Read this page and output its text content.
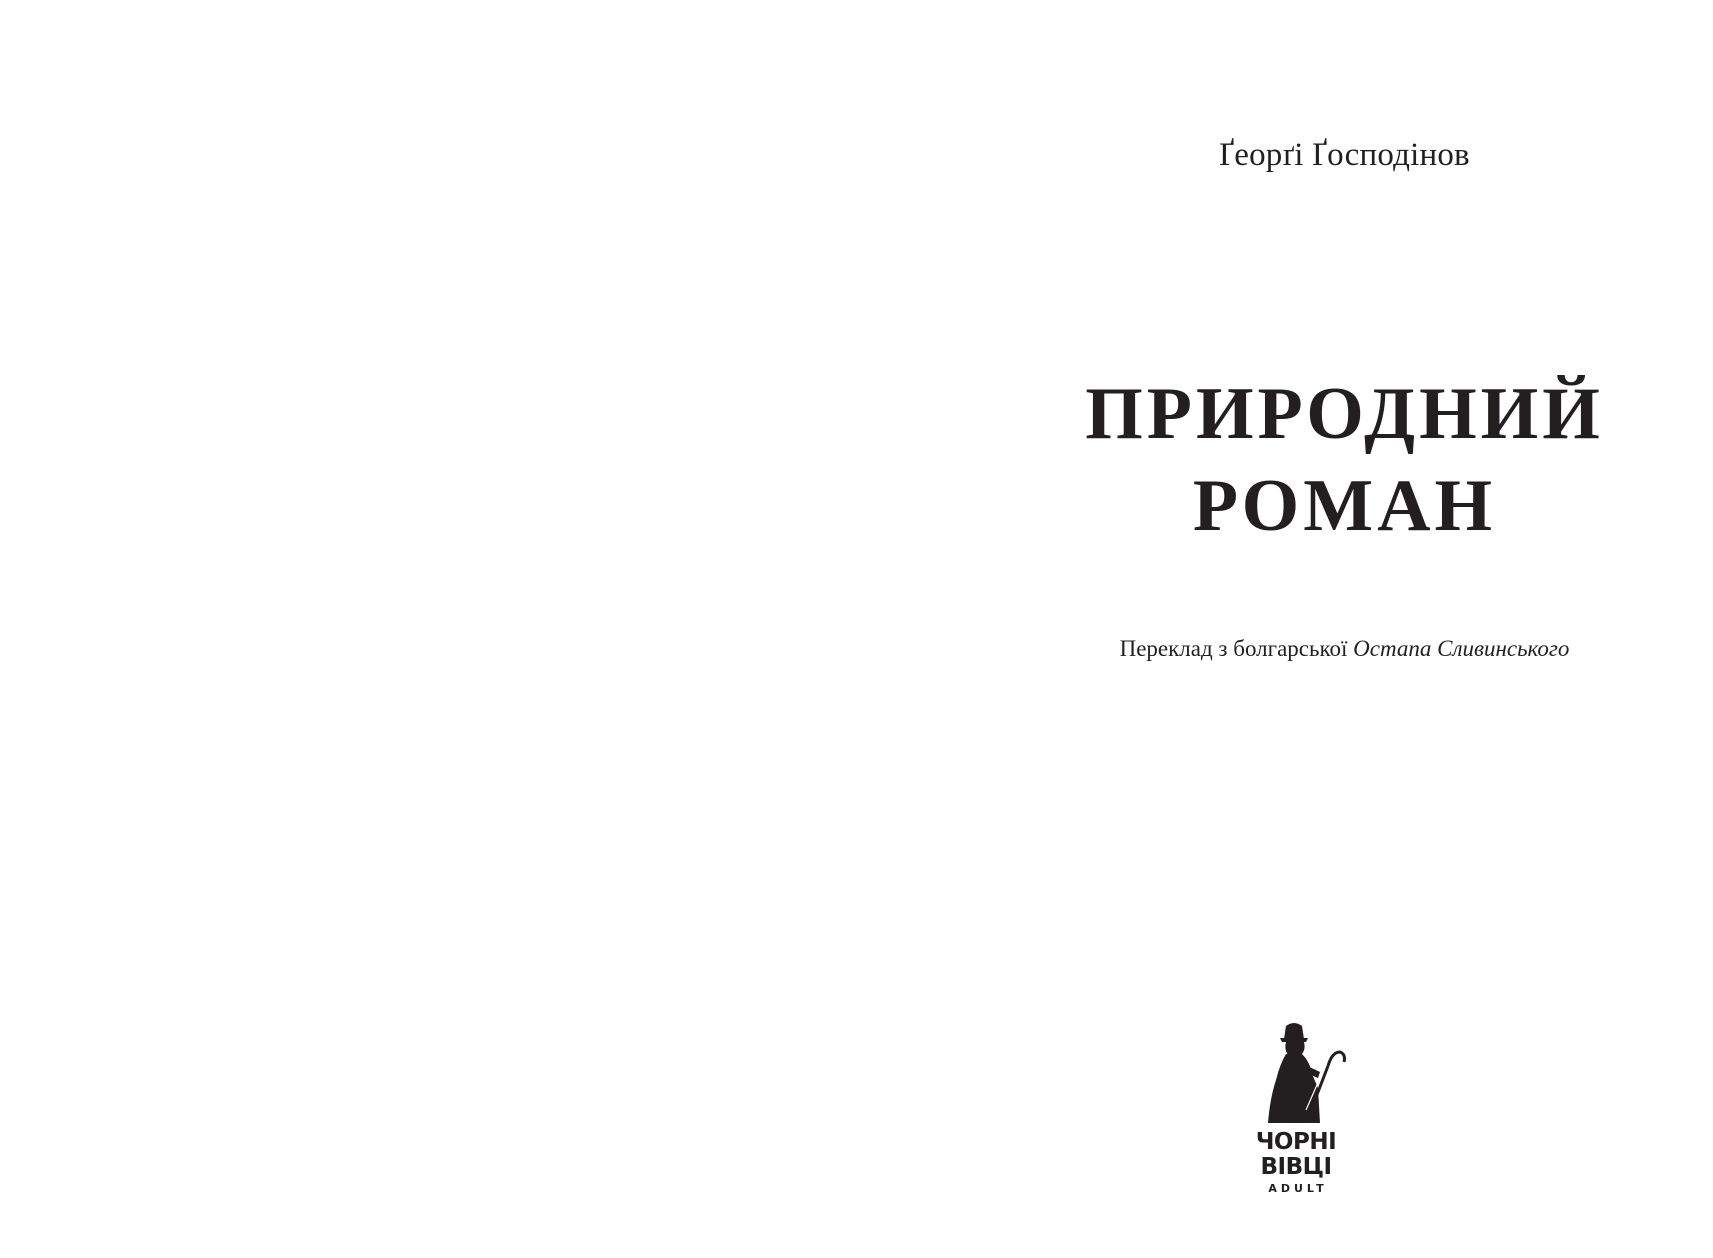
Ґеорґі Ґосподінов
ПРИРОДНИЙ
РОМАН
Переклад з болгарської Остапа Сливинського
ЧОРНІ
ВІВЦІ
ADULT
